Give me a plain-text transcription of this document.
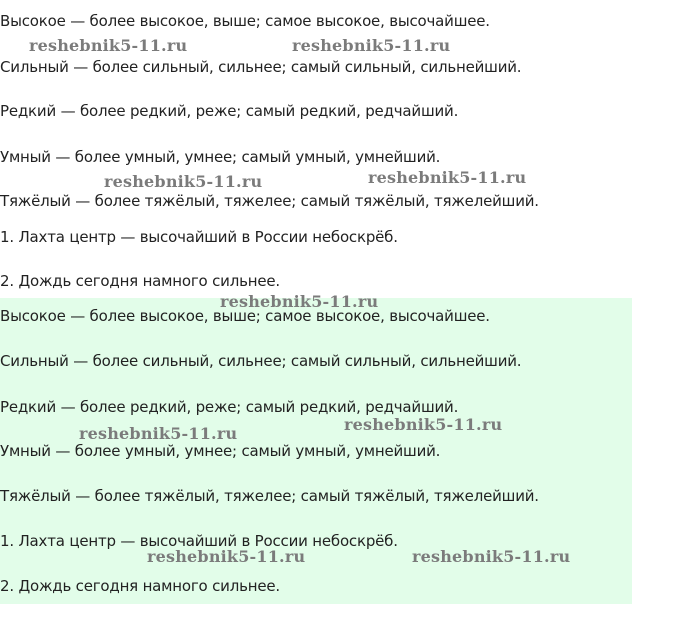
Высокое — более высокое, выше; самое высокое, высочайшее.

Сильный — более сильный, сильнее; самый сильный, сильнейший.

Редкий — более редкий, реже; самый редкий, редчайший.

Умный — более умный, умнее; самый умный, умнейший.

Тяжёлый — более тяжёлый, тяжелее; самый тяжёлый, тяжелейший.

1. Лахта центр — высочайший в России небоскрёб.

2. Дождь сегодня намного сильнее.

Высокое — более высокое, выше; самое высокое, высочайшее.

Сильный — более сильный, сильнее; самый сильный, сильнейший.

Редкий — более редкий, реже; самый редкий, редчайший.

Умный — более умный, умнее; самый умный, умнейший.

Тяжёлый — более тяжёлый, тяжелее; самый тяжёлый, тяжелейший.

1. Лахта центр — высочайший в России небоскрёб.

2. Дождь сегодня намного сильнее.

reshebnik5-11.ru	reshebnik5-11.ru
reshebnik5-11.ru	reshebnik5-11.ru
reshebnik5-11.ru
reshebnik5-11.ru	reshebnik5-11.ru
reshebnik5-11.ru	reshebnik5-11.ru
